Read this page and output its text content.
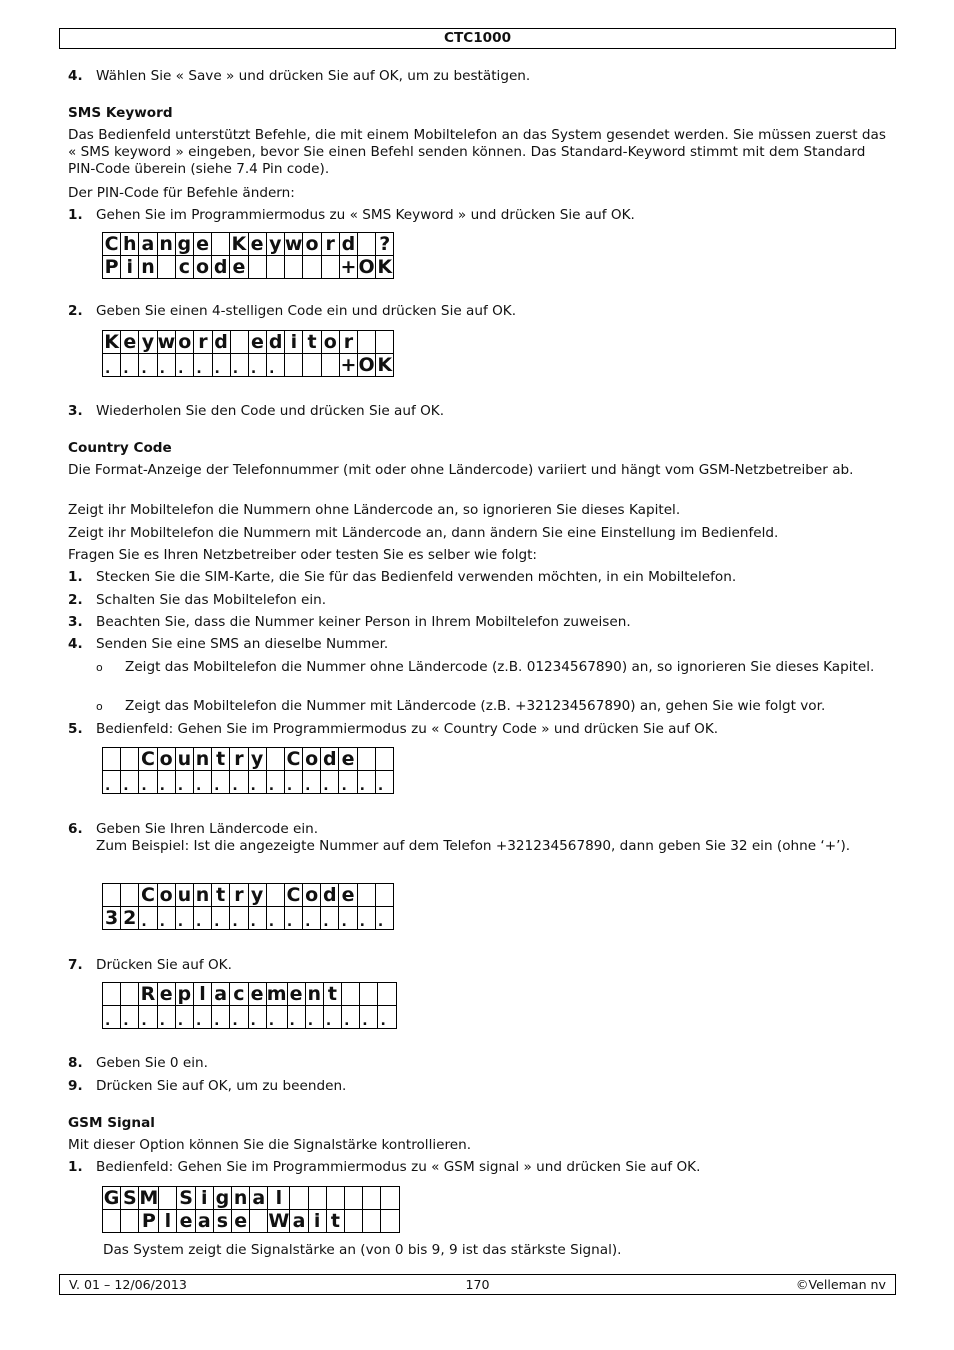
CTC1000
4. Wählen Sie « Save » und drücken Sie auf OK, um zu bestätigen.
SMS Keyword
Das Bedienfeld unterstützt Befehle, die mit einem Mobiltelefon an das System gesendet werden. Sie müssen zuerst das « SMS keyword » eingeben, bevor Sie einen Befehl senden können. Das Standard-Keyword stimmt mit dem Standard PIN-Code überein (siehe 7.4 Pin code).
Der PIN-Code für Befehle ändern:
1. Gehen Sie im Programmiermodus zu « SMS Keyword » und drücken Sie auf OK.
C	h	a	n	g	e		K	e	y	w	o	r	d		?
P	i	n		c	o	d	e						+	O	K
2. Geben Sie einen 4-stelligen Code ein und drücken Sie auf OK.
K	e	y	w	o	r	d		e	d	i	t	o	r		
.	.	.	.	.	.	.	.	.	.				+	O	K
3. Wiederholen Sie den Code und drücken Sie auf OK.
Country Code
Die Format-Anzeige der Telefonnummer (mit oder ohne Ländercode) variiert und hängt vom GSM-Netzbetreiber ab.
Zeigt ihr Mobiltelefon die Nummern ohne Ländercode an, so ignorieren Sie dieses Kapitel.
Zeigt ihr Mobiltelefon die Nummern mit Ländercode an, dann ändern Sie eine Einstellung im Bedienfeld.
Fragen Sie es Ihren Netzbetreiber oder testen Sie es selber wie folgt:
1. Stecken Sie die SIM-Karte, die Sie für das Bedienfeld verwenden möchten, in ein Mobiltelefon.
2. Schalten Sie das Mobiltelefon ein.
3. Beachten Sie, dass die Nummer keiner Person in Ihrem Mobiltelefon zuweisen.
4. Senden Sie eine SMS an dieselbe Nummer.
o Zeigt das Mobiltelefon die Nummer ohne Ländercode (z.B. 01234567890) an, so ignorieren Sie dieses Kapitel.
o Zeigt das Mobiltelefon die Nummer mit Ländercode (z.B. +321234567890) an, gehen Sie wie folgt vor.
5. Bedienfeld: Gehen Sie im Programmiermodus zu « Country Code » und drücken Sie auf OK.
		C	o	u	n	t	r	y		C	o	d	e		
.	.	.	.	.	.	.	.	.	.	.	.	.	.	.	.
6. Geben Sie Ihren Ländercode ein.
Zum Beispiel: Ist die angezeigte Nummer auf dem Telefon +321234567890, dann geben Sie 32 ein (ohne ‘+’).
		C	o	u	n	t	r	y		C	o	d	e		
3	2	.	.	.	.	.	.	.	.	.	.	.	.	.	.
7. Drücken Sie auf OK.
		R	e	p	l	a	c	e	m	e	n	t			
.	.	.	.	.	.	.	.	.	.	.	.	.	.	.	.
8. Geben Sie 0 ein.
9. Drücken Sie auf OK, um zu beenden.
GSM Signal
Mit dieser Option können Sie die Signalstärke kontrollieren.
1. Bedienfeld: Gehen Sie im Programmiermodus zu « GSM signal » und drücken Sie auf OK.
G	S	M		S	i	g	n	a	l						
		P	l	e	a	s	e		W	a	i	t			
Das System zeigt die Signalstärke an (von 0 bis 9, 9 ist das stärkste Signal).
V. 01 – 12/06/2013	170	©Velleman nv
